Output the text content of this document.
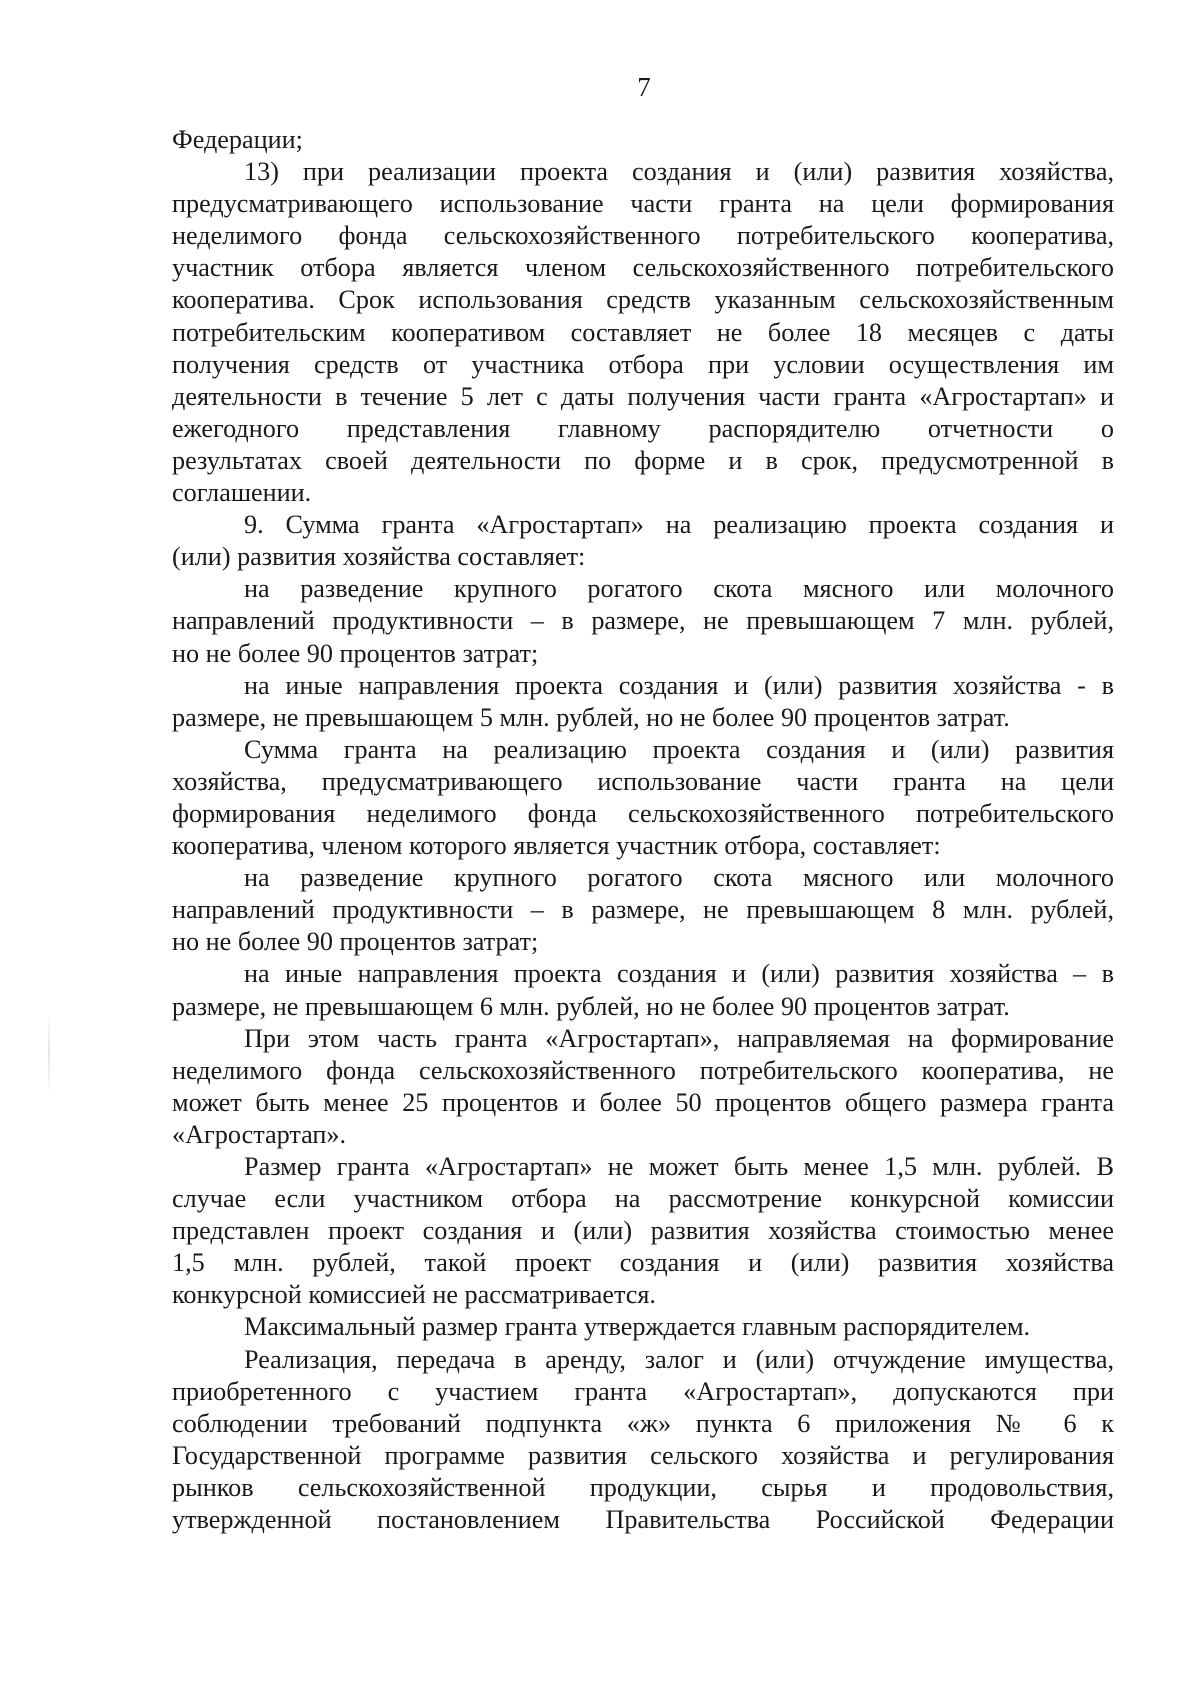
7
Федерации;
13) при реализации проекта создания и (или) развития хозяйства,
предусматривающего использование части гранта на цели формирования
неделимого фонда сельскохозяйственного потребительского кооператива,
участник отбора является членом сельскохозяйственного потребительского
кооператива. Срок использования средств указанным сельскохозяйственным
потребительским кооперативом составляет не более 18 месяцев с даты
получения средств от участника отбора при условии осуществления им
деятельности в течение 5 лет с даты получения части гранта «Агростартап» и
ежегодного представления главному распорядителю отчетности о
результатах своей деятельности по форме и в срок, предусмотренной в
соглашении.
9. Сумма гранта «Агростартап» на реализацию проекта создания и
(или) развития хозяйства составляет:
на разведение крупного рогатого скота мясного или молочного
направлений продуктивности – в размере, не превышающем 7 млн. рублей,
но не более 90 процентов затрат;
на иные направления проекта создания и (или) развития хозяйства - в
размере, не превышающем 5 млн. рублей, но не более 90 процентов затрат.
Сумма гранта на реализацию проекта создания и (или) развития
хозяйства, предусматривающего использование части гранта на цели
формирования неделимого фонда сельскохозяйственного потребительского
кооператива, членом которого является участник отбора, составляет:
на разведение крупного рогатого скота мясного или молочного
направлений продуктивности – в размере, не превышающем 8 млн. рублей,
но не более 90 процентов затрат;
на иные направления проекта создания и (или) развития хозяйства – в
размере, не превышающем 6 млн. рублей, но не более 90 процентов затрат.
При этом часть гранта «Агростартап», направляемая на формирование
неделимого фонда сельскохозяйственного потребительского кооператива, не
может быть менее 25 процентов и более 50 процентов общего размера гранта
«Агростартап».
Размер гранта «Агростартап» не может быть менее 1,5 млн. рублей. В
случае если участником отбора на рассмотрение конкурсной комиссии
представлен проект создания и (или) развития хозяйства стоимостью менее
1,5 млн. рублей, такой проект создания и (или) развития хозяйства
конкурсной комиссией не рассматривается.
Максимальный размер гранта утверждается главным распорядителем.
Реализация, передача в аренду, залог и (или) отчуждение имущества,
приобретенного с участием гранта «Агростартап», допускаются при
соблюдении требований подпункта «ж» пункта 6 приложения № 6 к
Государственной программе развития сельского хозяйства и регулирования
рынков сельскохозяйственной продукции, сырья и продовольствия,
утвержденной постановлением Правительства Российской Федерации
